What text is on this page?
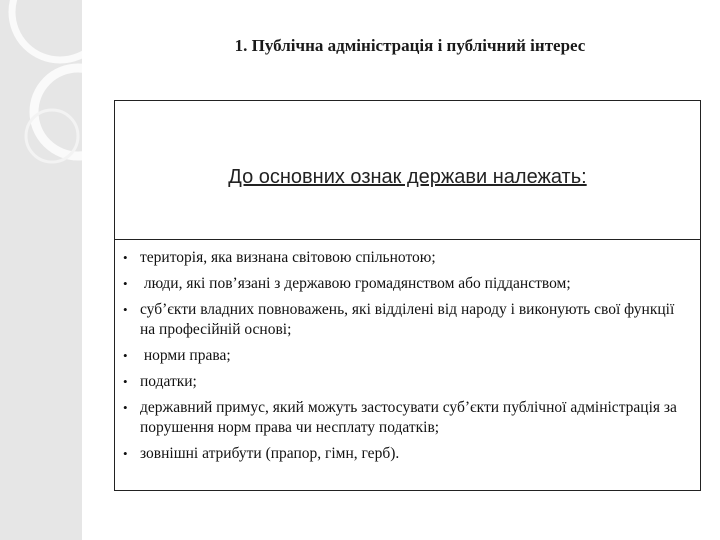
1. Публічна адміністрація і публічний інтерес
До основних ознак держави належать:
• територія, яка визнана світовою спільнотою;
• люди, які пов’язані з державою громадянством або підданством;
• суб’єкти владних повноважень, які відділені від народу і виконують свої функції на професійній основі;
• норми права;
• податки;
• державний примус, який можуть застосувати суб’єкти публічної адміністрація за порушення норм права чи несплату податків;
• зовнішні атрибути (прапор, гімн, герб).
